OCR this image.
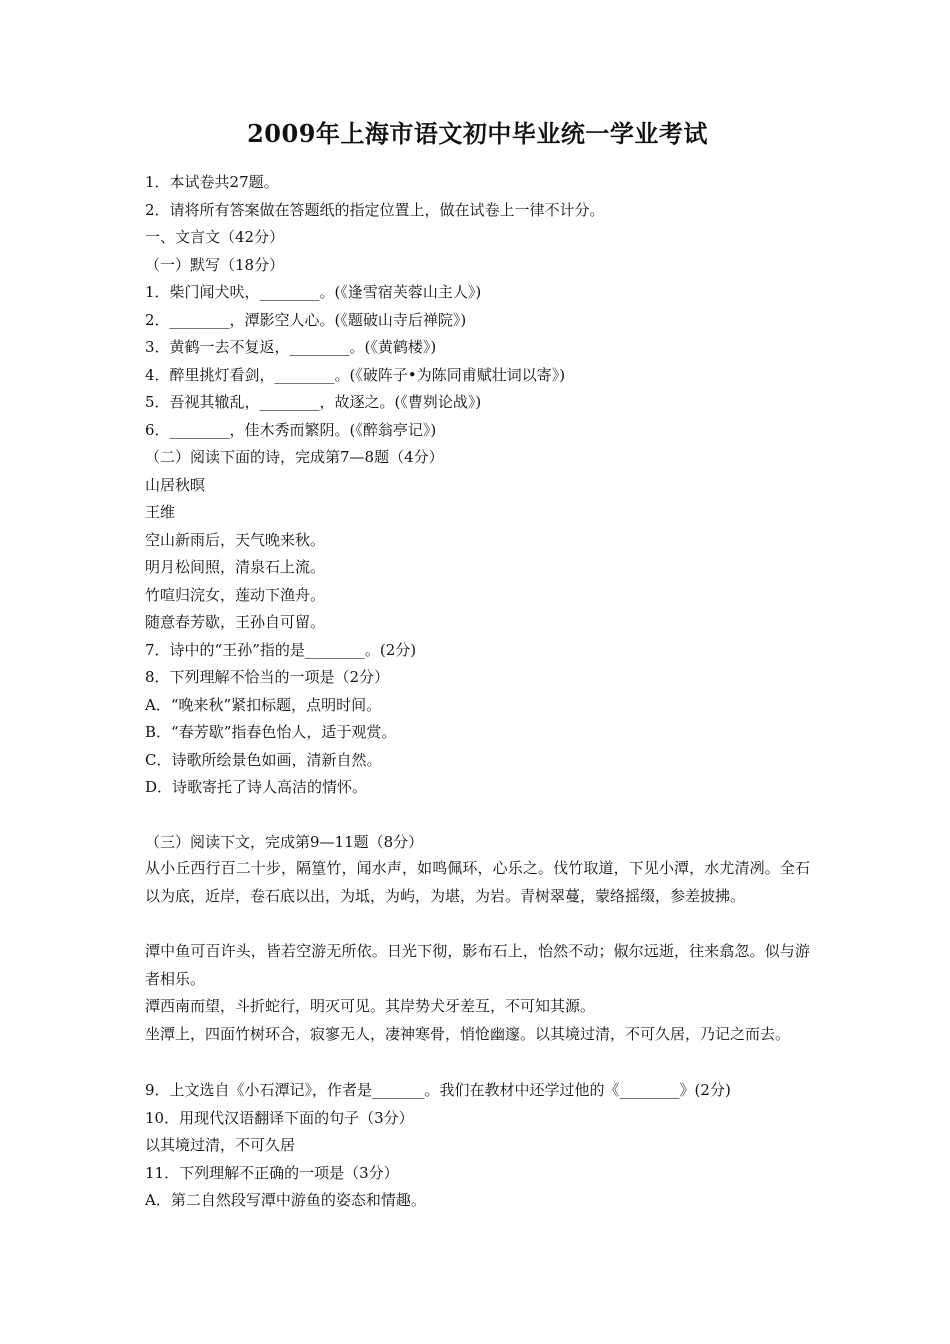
2009年上海市语文初中毕业统一学业考试
1．本试卷共27题。
2．请将所有答案做在答题纸的指定位置上，做在试卷上一律不计分。
一、文言文（42分）
（一）默写（18分）
1．柴门闻犬吠，________。(《逢雪宿芙蓉山主人》)
2．________，潭影空人心。(《题破山寺后禅院》)
3．黄鹤一去不复返，________。(《黄鹤楼》)
4．醉里挑灯看剑，________。(《破阵子•为陈同甫赋壮词以寄》)
5．吾视其辙乱，________，故逐之。(《曹刿论战》)
6．________，佳木秀而繁阴。(《醉翁亭记》)
（二）阅读下面的诗，完成第7—8题（4分）
山居秋暝
王维
空山新雨后，天气晚来秋。
明月松间照，清泉石上流。
竹喧归浣女，莲动下渔舟。
随意春芳歇，王孙自可留。
7．诗中的“王孙”指的是________。(2分)
8．下列理解不恰当的一项是（2分）
A．“晚来秋”紧扣标题，点明时间。
B．“春芳歇”指春色怡人，适于观赏。
C．诗歌所绘景色如画，清新自然。
D．诗歌寄托了诗人高洁的情怀。
（三）阅读下文，完成第9—11题（8分）
从小丘西行百二十步，隔篁竹，闻水声，如鸣佩环，心乐之。伐竹取道，下见小潭，水尤清冽。全石以为底，近岸，卷石底以出，为坻，为屿，为堪，为岩。青树翠蔓，蒙络摇缀，参差披拂。
潭中鱼可百许头，皆若空游无所依。日光下彻，影布石上，怡然不动；俶尔远逝，往来翕忽。似与游者相乐。
潭西南而望，斗折蛇行，明灭可见。其岸势犬牙差互，不可知其源。
坐潭上，四面竹树环合，寂寥无人，凄神寒骨，悄怆幽邃。以其境过清，不可久居，乃记之而去。
9．上文选自《小石潭记》，作者是_______。我们在教材中还学过他的《________》(2分)
10．用现代汉语翻译下面的句子（3分）
以其境过清，不可久居
11．下列理解不正确的一项是（3分）
A．第二自然段写潭中游鱼的姿态和情趣。
